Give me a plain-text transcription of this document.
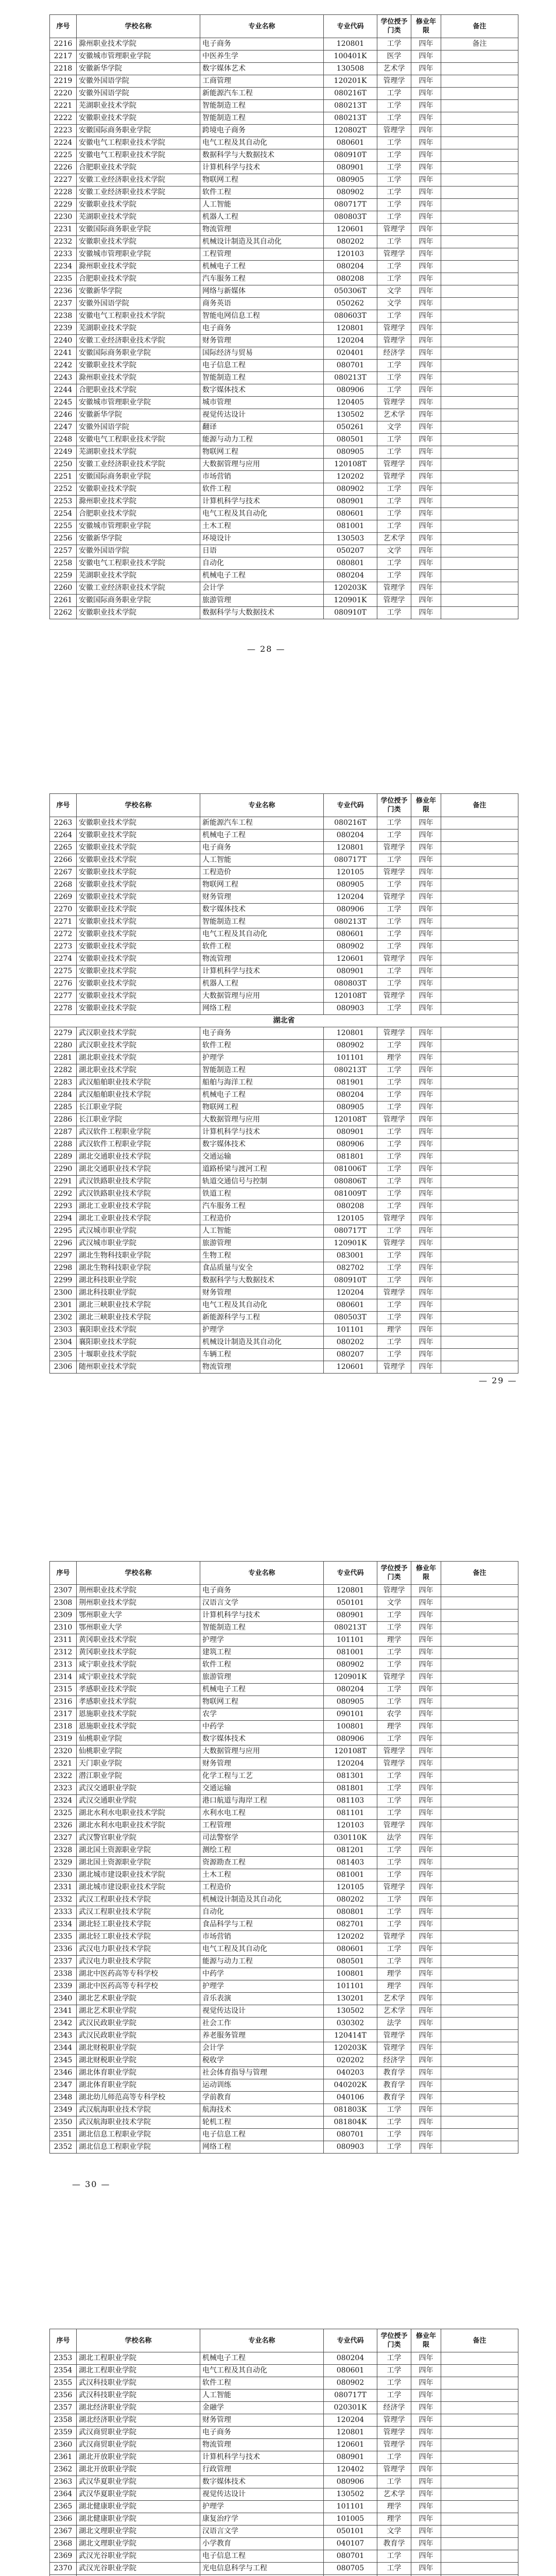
序号	学校名称	专业名称	专业代码	学位授予门类	修业年限	备注
2216	滁州职业技术学院	电子商务	120801	工学	四年	备注
2217	安徽城市管理职业学院	中医养生学	100401K	医学	四年	
2218	安徽新华学院	数字媒体艺术	130508	艺术学	四年	
2219	安徽外国语学院	工商管理	120201K	管理学	四年	
2220	安徽外国语学院	新能源汽车工程	080216T	工学	四年	
2221	芜湖职业技术学院	智能制造工程	080213T	工学	四年	
2222	安徽职业技术学院	智能制造工程	080213T	工学	四年	
2223	安徽国际商务职业学院	跨境电子商务	120802T	管理学	四年	
2224	安徽电气工程职业技术学院	电气工程及其自动化	080601	工学	四年	
2225	安徽电气工程职业技术学院	数据科学与大数据技术	080910T	工学	四年	
2226	合肥职业技术学院	计算机科学与技术	080901	工学	四年	
2227	安徽工业经济职业技术学院	物联网工程	080905	工学	四年	
2228	安徽工业经济职业技术学院	软件工程	080902	工学	四年	
2229	安徽职业技术学院	人工智能	080717T	工学	四年	
2230	芜湖职业技术学院	机器人工程	080803T	工学	四年	
2231	安徽国际商务职业学院	物流管理	120601	管理学	四年	
2232	安徽职业技术学院	机械设计制造及其自动化	080202	工学	四年	
2233	安徽城市管理职业学院	工程管理	120103	管理学	四年	
2234	滁州职业技术学院	机械电子工程	080204	工学	四年	
2235	合肥职业技术学院	汽车服务工程	080208	工学	四年	
2236	安徽新华学院	网络与新媒体	050306T	文学	四年	
2237	安徽外国语学院	商务英语	050262	文学	四年	
2238	安徽电气工程职业技术学院	智能电网信息工程	080603T	工学	四年	
2239	芜湖职业技术学院	电子商务	120801	管理学	四年	
2240	安徽工业经济职业技术学院	财务管理	120204	管理学	四年	
2241	安徽国际商务职业学院	国际经济与贸易	020401	经济学	四年	
2242	安徽职业技术学院	电子信息工程	080701	工学	四年	
2243	滁州职业技术学院	智能制造工程	080213T	工学	四年	
2244	合肥职业技术学院	数字媒体技术	080906	工学	四年	
2245	安徽城市管理职业学院	城市管理	120405	管理学	四年	
2246	安徽新华学院	视觉传达设计	130502	艺术学	四年	
2247	安徽外国语学院	翻译	050261	文学	四年	
2248	安徽电气工程职业技术学院	能源与动力工程	080501	工学	四年	
2249	芜湖职业技术学院	物联网工程	080905	工学	四年	
2250	安徽工业经济职业技术学院	大数据管理与应用	120108T	管理学	四年	
2251	安徽国际商务职业学院	市场营销	120202	管理学	四年	
2252	安徽职业技术学院	软件工程	080902	工学	四年	
2253	滁州职业技术学院	计算机科学与技术	080901	工学	四年	
2254	合肥职业技术学院	电气工程及其自动化	080601	工学	四年	
2255	安徽城市管理职业学院	土木工程	081001	工学	四年	
2256	安徽新华学院	环境设计	130503	艺术学	四年	
2257	安徽外国语学院	日语	050207	文学	四年	
2258	安徽电气工程职业技术学院	自动化	080801	工学	四年	
2259	芜湖职业技术学院	机械电子工程	080204	工学	四年	
2260	安徽工业经济职业技术学院	会计学	120203K	管理学	四年	
2261	安徽国际商务职业学院	旅游管理	120901K	管理学	四年	
2262	安徽职业技术学院	数据科学与大数据技术	080910T	工学	四年	
— 28 —
序号	学校名称	专业名称	专业代码	学位授予门类	修业年限	备注
2263	安徽职业技术学院	新能源汽车工程	080216T	工学	四年	
2264	安徽职业技术学院	机械电子工程	080204	工学	四年	
2265	安徽职业技术学院	电子商务	120801	管理学	四年	
2266	安徽职业技术学院	人工智能	080717T	工学	四年	
2267	安徽职业技术学院	工程造价	120105	管理学	四年	
2268	安徽职业技术学院	物联网工程	080905	工学	四年	
2269	安徽职业技术学院	财务管理	120204	管理学	四年	
2270	安徽职业技术学院	数字媒体技术	080906	工学	四年	
2271	安徽职业技术学院	智能制造工程	080213T	工学	四年	
2272	安徽职业技术学院	电气工程及其自动化	080601	工学	四年	
2273	安徽职业技术学院	软件工程	080902	工学	四年	
2274	安徽职业技术学院	物流管理	120601	管理学	四年	
2275	安徽职业技术学院	计算机科学与技术	080901	工学	四年	
2276	安徽职业技术学院	机器人工程	080803T	工学	四年	
2277	安徽职业技术学院	大数据管理与应用	120108T	管理学	四年	
2278	安徽职业技术学院	网络工程	080903	工学	四年	
湖北省						
2279	武汉职业技术学院	电子商务	120801	管理学	四年	
2280	武汉职业技术学院	软件工程	080902	工学	四年	
2281	湖北职业技术学院	护理学	101101	理学	四年	
2282	湖北职业技术学院	智能制造工程	080213T	工学	四年	
2283	武汉船舶职业技术学院	船舶与海洋工程	081901	工学	四年	
2284	武汉船舶职业技术学院	机械电子工程	080204	工学	四年	
2285	长江职业学院	物联网工程	080905	工学	四年	
2286	长江职业学院	大数据管理与应用	120108T	管理学	四年	
2287	武汉软件工程职业学院	计算机科学与技术	080901	工学	四年	
2288	武汉软件工程职业学院	数字媒体技术	080906	工学	四年	
2289	湖北交通职业技术学院	交通运输	081801	工学	四年	
2290	湖北交通职业技术学院	道路桥梁与渡河工程	081006T	工学	四年	
2291	武汉铁路职业技术学院	轨道交通信号与控制	080806T	工学	四年	
2292	武汉铁路职业技术学院	铁道工程	081009T	工学	四年	
2293	湖北工业职业技术学院	汽车服务工程	080208	工学	四年	
2294	湖北工业职业技术学院	工程造价	120105	管理学	四年	
2295	武汉城市职业学院	人工智能	080717T	工学	四年	
2296	武汉城市职业学院	旅游管理	120901K	管理学	四年	
2297	湖北生物科技职业学院	生物工程	083001	工学	四年	
2298	湖北生物科技职业学院	食品质量与安全	082702	工学	四年	
2299	湖北科技职业学院	数据科学与大数据技术	080910T	工学	四年	
2300	湖北科技职业学院	财务管理	120204	管理学	四年	
2301	湖北三峡职业技术学院	电气工程及其自动化	080601	工学	四年	
2302	湖北三峡职业技术学院	新能源科学与工程	080503T	工学	四年	
2303	襄阳职业技术学院	护理学	101101	理学	四年	
2304	襄阳职业技术学院	机械设计制造及其自动化	080202	工学	四年	
2305	十堰职业技术学院	车辆工程	080207	工学	四年	
2306	随州职业技术学院	物流管理	120601	管理学	四年	
— 29 —
序号	学校名称	专业名称	专业代码	学位授予门类	修业年限	备注
2307	荆州职业技术学院	电子商务	120801	管理学	四年	
2308	荆州职业技术学院	汉语言文学	050101	文学	四年	
2309	鄂州职业大学	计算机科学与技术	080901	工学	四年	
2310	鄂州职业大学	智能制造工程	080213T	工学	四年	
2311	黄冈职业技术学院	护理学	101101	理学	四年	
2312	黄冈职业技术学院	建筑工程	081001	工学	四年	
2313	咸宁职业技术学院	软件工程	080902	工学	四年	
2314	咸宁职业技术学院	旅游管理	120901K	管理学	四年	
2315	孝感职业技术学院	机械电子工程	080204	工学	四年	
2316	孝感职业技术学院	物联网工程	080905	工学	四年	
2317	恩施职业技术学院	农学	090101	农学	四年	
2318	恩施职业技术学院	中药学	100801	理学	四年	
2319	仙桃职业学院	数字媒体技术	080906	工学	四年	
2320	仙桃职业学院	大数据管理与应用	120108T	管理学	四年	
2321	天门职业学院	财务管理	120204	管理学	四年	
2322	潜江职业学院	化学工程与工艺	081301	工学	四年	
2323	武汉交通职业学院	交通运输	081801	工学	四年	
2324	武汉交通职业学院	港口航道与海岸工程	081103	工学	四年	
2325	湖北水利水电职业技术学院	水利水电工程	081101	工学	四年	
2326	湖北水利水电职业技术学院	工程管理	120103	管理学	四年	
2327	武汉警官职业学院	司法警察学	030110K	法学	四年	
2328	湖北国土资源职业学院	测绘工程	081201	工学	四年	
2329	湖北国土资源职业学院	资源勘查工程	081403	工学	四年	
2330	湖北城市建设职业技术学院	土木工程	081001	工学	四年	
2331	湖北城市建设职业技术学院	工程造价	120105	管理学	四年	
2332	武汉工程职业技术学院	机械设计制造及其自动化	080202	工学	四年	
2333	武汉工程职业技术学院	自动化	080801	工学	四年	
2334	湖北轻工职业技术学院	食品科学与工程	082701	工学	四年	
2335	湖北轻工职业技术学院	市场营销	120202	管理学	四年	
2336	武汉电力职业技术学院	电气工程及其自动化	080601	工学	四年	
2337	武汉电力职业技术学院	能源与动力工程	080501	工学	四年	
2338	湖北中医药高等专科学校	中药学	100801	理学	四年	
2339	湖北中医药高等专科学校	护理学	101101	理学	四年	
2340	湖北艺术职业学院	音乐表演	130201	艺术学	四年	
2341	湖北艺术职业学院	视觉传达设计	130502	艺术学	四年	
2342	武汉民政职业学院	社会工作	030302	法学	四年	
2343	武汉民政职业学院	养老服务管理	120414T	管理学	四年	
2344	湖北财税职业学院	会计学	120203K	管理学	四年	
2345	湖北财税职业学院	税收学	020202	经济学	四年	
2346	湖北体育职业学院	社会体育指导与管理	040203	教育学	四年	
2347	湖北体育职业学院	运动训练	040202K	教育学	四年	
2348	湖北幼儿师范高等专科学校	学前教育	040106	教育学	四年	
2349	武汉航海职业技术学院	航海技术	081803K	工学	四年	
2350	武汉航海职业技术学院	轮机工程	081804K	工学	四年	
2351	湖北信息工程职业学院	电子信息工程	080701	工学	四年	
2352	湖北信息工程职业学院	网络工程	080903	工学	四年	
— 30 —
序号	学校名称	专业名称	专业代码	学位授予门类	修业年限	备注
2353	湖北工程职业学院	机械电子工程	080204	工学	四年	
2354	湖北工程职业学院	电气工程及其自动化	080601	工学	四年	
2355	武汉科技职业学院	软件工程	080902	工学	四年	
2356	武汉科技职业学院	人工智能	080717T	工学	四年	
2357	湖北经济职业学院	金融学	020301K	经济学	四年	
2358	湖北经济职业学院	财务管理	120204	管理学	四年	
2359	武汉商贸职业学院	电子商务	120801	管理学	四年	
2360	武汉商贸职业学院	物流管理	120601	管理学	四年	
2361	湖北开放职业学院	计算机科学与技术	080901	工学	四年	
2362	湖北开放职业学院	行政管理	120402	管理学	四年	
2363	武汉华夏职业学院	数字媒体技术	080906	工学	四年	
2364	武汉华夏职业学院	视觉传达设计	130502	艺术学	四年	
2365	湖北健康职业学院	护理学	101101	理学	四年	
2366	湖北健康职业学院	康复治疗学	101005	理学	四年	
2367	湖北文理职业学院	汉语言文学	050101	文学	四年	
2368	湖北文理职业学院	小学教育	040107	教育学	四年	
2369	武汉光谷职业学院	电子信息工程	080701	工学	四年	
2370	武汉光谷职业学院	光电信息科学与工程	080705	工学	四年	
